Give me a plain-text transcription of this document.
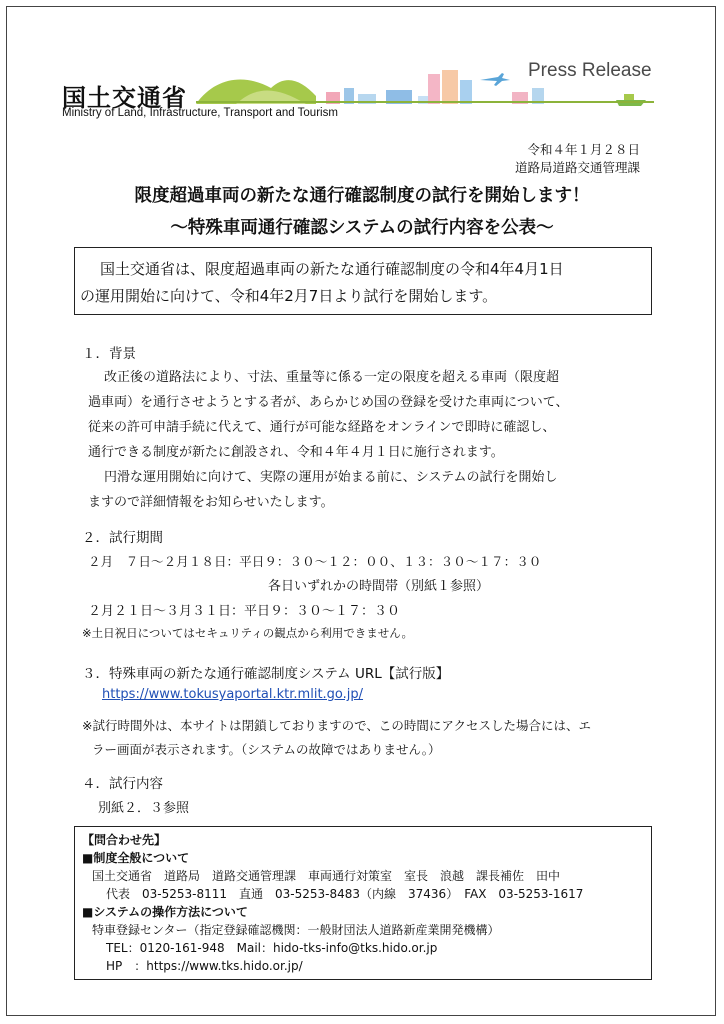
国土交通省
Ministry of Land, Infrastructure, Transport and Tourism
Press Release
令和４年１月２８日
道路局道路交通管理課
限度超過車両の新たな通行確認制度の試行を開始します！
〜特殊車両通行確認システムの試行内容を公表〜
国土交通省は、限度超過車両の新たな通行確認制度の令和4年4月1日
の運用開始に向けて、令和4年2月7日より試行を開始します。
１．背景
改正後の道路法により、寸法、重量等に係る一定の限度を超える車両（限度超
過車両）を通行させようとする者が、あらかじめ国の登録を受けた車両について、
従来の許可申請手続に代えて、通行が可能な経路をオンラインで即時に確認し、
通行できる制度が新たに創設され、令和４年４月１日に施行されます。
円滑な運用開始に向けて、実際の運用が始まる前に、システムの試行を開始し
ますので詳細情報をお知らせいたします。
２．試行期間
２月　７日〜２月１８日：平日９：３０〜１２：００、１３：３０〜１７：３０
各日いずれかの時間帯（別紙１参照）
２月２１日〜３月３１日：平日９：３０〜１７：３０
※土日祝日についてはセキュリティの観点から利用できません。
３．特殊車両の新たな通行確認制度システム URL【試行版】
https://www.tokusyaportal.ktr.mlit.go.jp/
※試行時間外は、本サイトは閉鎖しておりますので、この時間にアクセスした場合には、エ
ラー画面が表示されます。（システムの故障ではありません。）
４．試行内容
別紙２．３参照
【問合わせ先】
■制度全般について
国土交通省　道路局　道路交通管理課　車両通行対策室　室長　浪越　課長補佐　田中
代表　03-5253-8111　直通　03-5253-8483（内線　37436）　FAX　03-5253-1617
■システムの操作方法について
特車登録センター（指定登録確認機関：一般財団法人道路新産業開発機構）
TEL：0120-161-948　Mail：hido-tks-info@tks.hido.or.jp
HP　：https://www.tks.hido.or.jp/
